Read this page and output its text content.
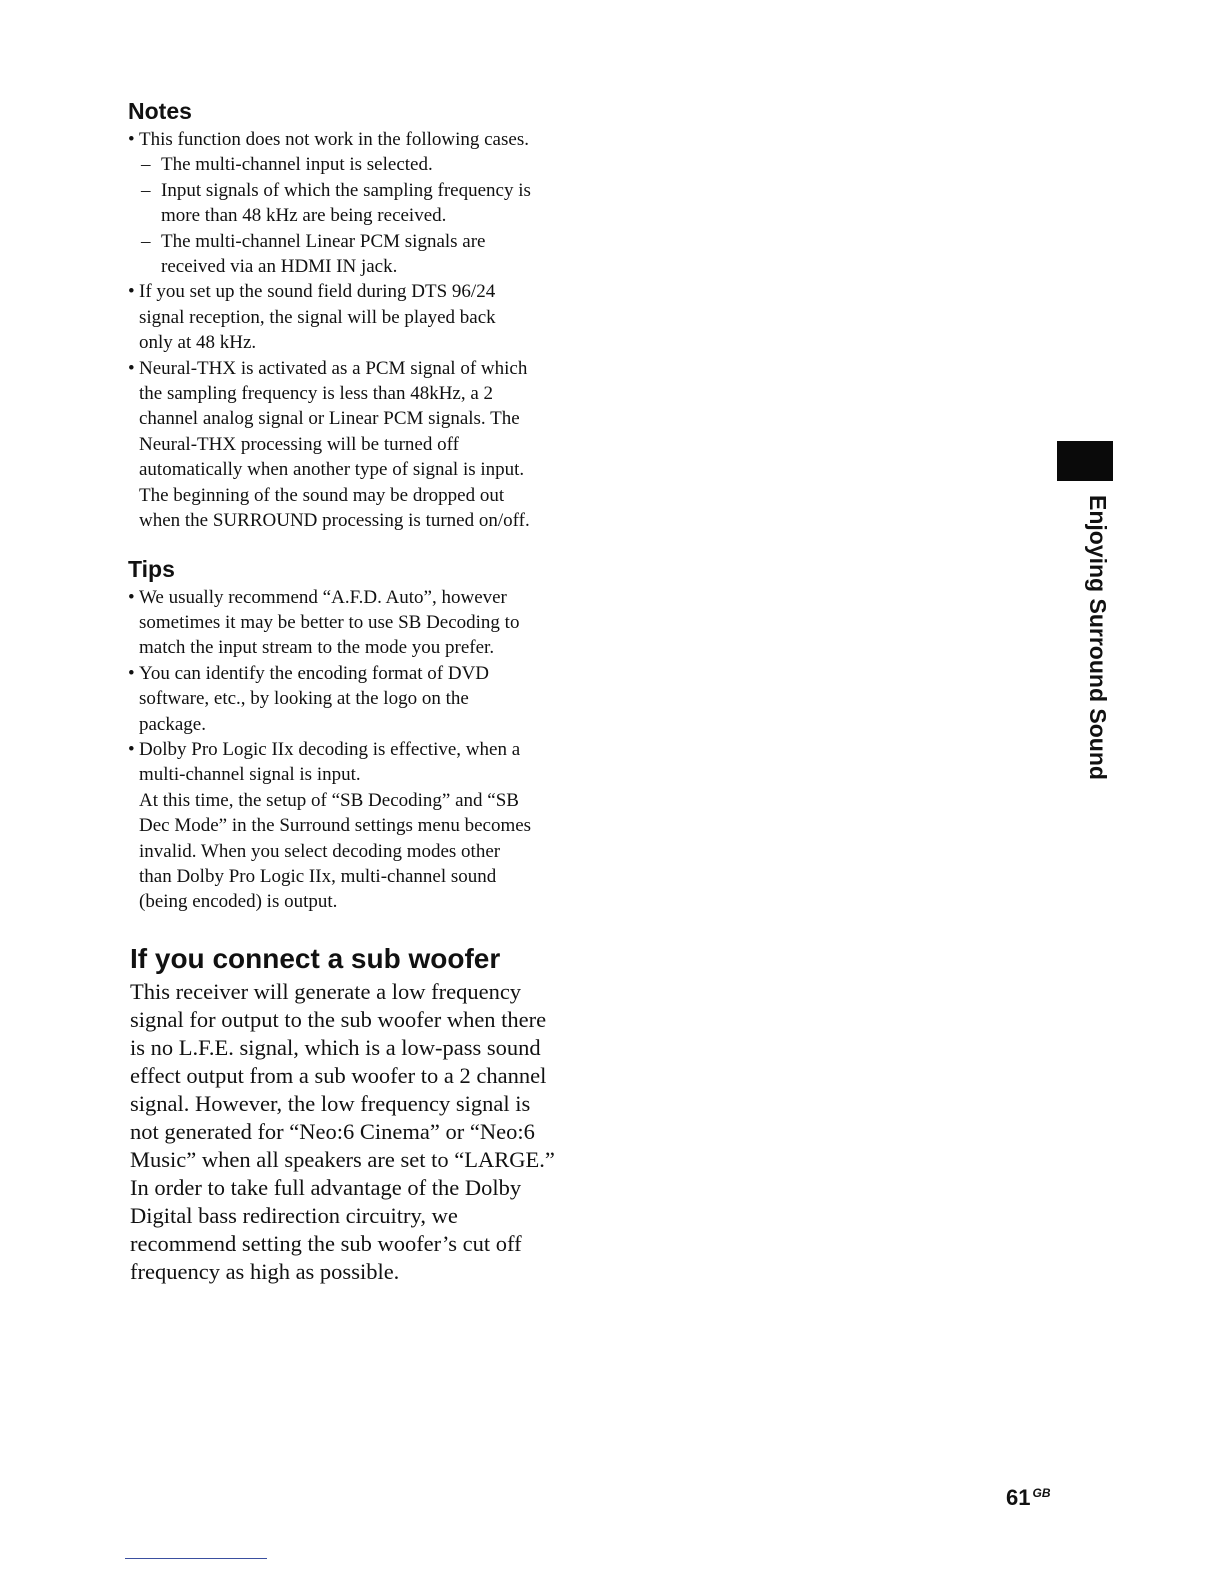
Notes
• This function does not work in the following cases.
– The multi-channel input is selected.
– Input signals of which the sampling frequency is
more than 48 kHz are being received.
– The multi-channel Linear PCM signals are
received via an HDMI IN jack.
• If you set up the sound field during DTS 96/24
signal reception, the signal will be played back
only at 48 kHz.
• Neural-THX is activated as a PCM signal of which
the sampling frequency is less than 48kHz, a 2
channel analog signal or Linear PCM signals. The
Neural-THX processing will be turned off
automatically when another type of signal is input.
The beginning of the sound may be dropped out
when the SURROUND processing is turned on/off.
Tips
• We usually recommend “A.F.D. Auto”, however
sometimes it may be better to use SB Decoding to
match the input stream to the mode you prefer.
• You can identify the encoding format of DVD
software, etc., by looking at the logo on the
package.
• Dolby Pro Logic IIx decoding is effective, when a
multi-channel signal is input.
At this time, the setup of “SB Decoding” and “SB
Dec Mode” in the Surround settings menu becomes
invalid. When you select decoding modes other
than Dolby Pro Logic IIx, multi-channel sound
(being encoded) is output.
If you connect a sub woofer

This receiver will generate a low frequency
signal for output to the sub woofer when there
is no L.F.E. signal, which is a low-pass sound
effect output from a sub woofer to a 2 channel
signal. However, the low frequency signal is
not generated for “Neo:6 Cinema” or “Neo:6
Music” when all speakers are set to “LARGE.”
In order to take full advantage of the Dolby
Digital bass redirection circuitry, we
recommend setting the sub woofer’s cut off
frequency as high as possible.

Enjoying Surround Sound
61 $^{GB}$
